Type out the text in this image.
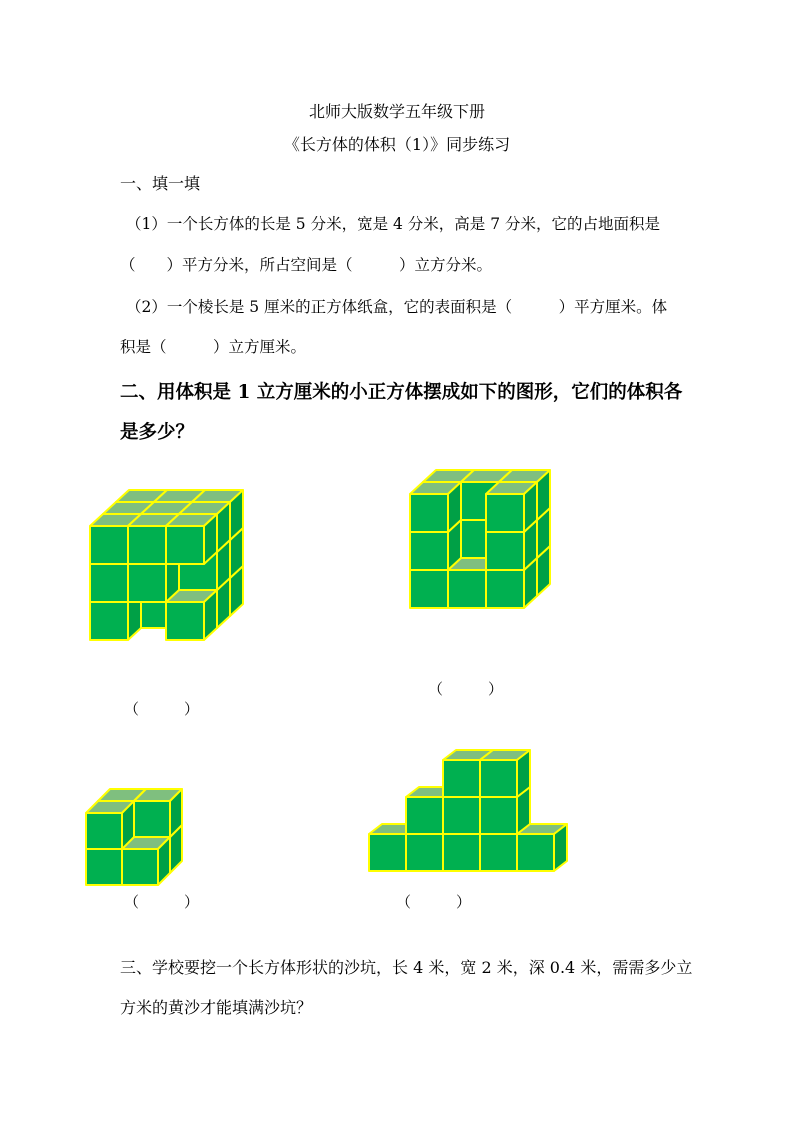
北师大版数学五年级下册
《长方体的体积（1）》同步练习
一、填一填
（1）一个长方体的长是 5 分米，宽是 4 分米，高是 7 分米，它的占地面积是
（　　）平方分米，所占空间是（　　　）立方分米。
（2）一个棱长是 5 厘米的正方体纸盒，它的表面积是（　　　）平方厘米。体
积是（　　　）立方厘米。
二、用体积是 1 立方厘米的小正方体摆成如下的图形，它们的体积各
是多少？
（　　　）
（　　　）
（　　　）	（　　　）
三、学校要挖一个长方体形状的沙坑，长 4 米，宽 2 米，深 0.4 米，需需多少立
方米的黄沙才能填满沙坑？
